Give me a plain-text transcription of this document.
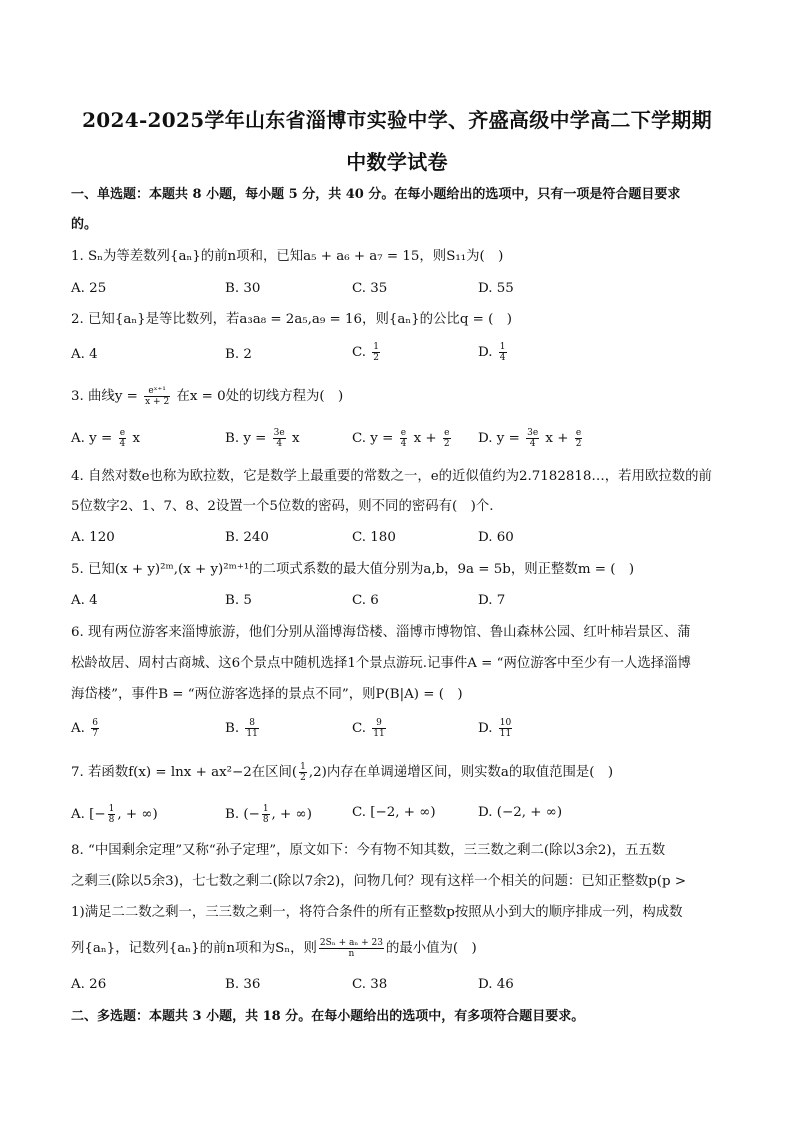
2024-2025学年山东省淄博市实验中学、齐盛高级中学高二下学期期
中数学试卷
一、单选题：本题共 8 小题，每小题 5 分，共 40 分。在每小题给出的选项中，只有一项是符合题目要求
的。
1. Sₙ为等差数列{aₙ}的前n项和，已知a₅ + a₆ + a₇ = 15，则S₁₁为(　)
A. 25	B. 30	C. 35	D. 55
2. 已知{aₙ}是等比数列，若a₃a₈ = 2a₅,a₉ = 16，则{aₙ}的公比q = (　)
A. 4	B. 2	C. $\frac{1}{2}$	D. $\frac{1}{4}$
3. 曲线$y = \frac{\text{eˣ⁺¹}}{x + 2}$ 在x = 0处的切线方程为(　)
A. $y = \frac{e}{4}$ x	B. $y = \frac{3e}{4}$ x	C. $y = \frac{e}{4}$ $x + \frac{e}{2} D$. $y = \frac{3e}{4}$ $x + \frac{e}{2}$
4. 自然对数e也称为欧拉数，它是数学上最重要的常数之一，e的近似值约为2.7182818…，若用欧拉数的前
5位数字2、1、7、8、2设置一个5位数的密码，则不同的密码有(　)个.
A. 120	B. 240	C. 180	D. 60
5. 已知(x + y)²ᵐ,(x + y)²ᵐ⁺¹的二项式系数的最大值分别为a,b，9a = 5b，则正整数m = (　)
A. 4	B. 5	C. 6	D. 7
6. 现有两位游客来淄博旅游，他们分别从淄博海岱楼、淄博市博物馆、鲁山森林公园、红叶柿岩景区、蒲
松龄故居、周村古商城、这6个景点中随机选择1个景点游玩.记事件A = “两位游客中至少有一人选择淄博
海岱楼”，事件B = “两位游客选择的景点不同”，则P(B|A) = (　)
A. $\frac{6}{7}$	B. $\frac{8}{11}$	C. $\frac{9}{11}$	D. $\frac{10}{11}$
7. 若函数f(x) = lnx + ax²−2在区间( $\frac{1}{2} ,2$)内存在单调递增区间，则实数a的取值范围是(　)
A. [− $\frac{1}{8}$ , + ∞)	B. (− $\frac{1}{8}$ , + ∞)	C. [−2, + ∞)	D. (−2, + ∞)
8. “中国剩余定理”又称“孙子定理”，原文如下：今有物不知其数，三三数之剩二(除以3余2)，五五数
之剩三(除以5余3)，七七数之剩二(除以7余2)，问物几何？现有这样一个相关的问题：已知正整数p(p >
1)满足二二数之剩一，三三数之剩一，将符合条件的所有正整数p按照从小到大的顺序排成一列，构成数
列{aₙ}，记数列{aₙ}的前n项和为Sₙ，则 $\frac{\text{2Sₙ + aₙ + 23}}{n}$ 的最小值为(　)
A. 26	B. 36	C. 38	D. 46
二、多选题：本题共 3 小题，共 18 分。在每小题给出的选项中，有多项符合题目要求。
